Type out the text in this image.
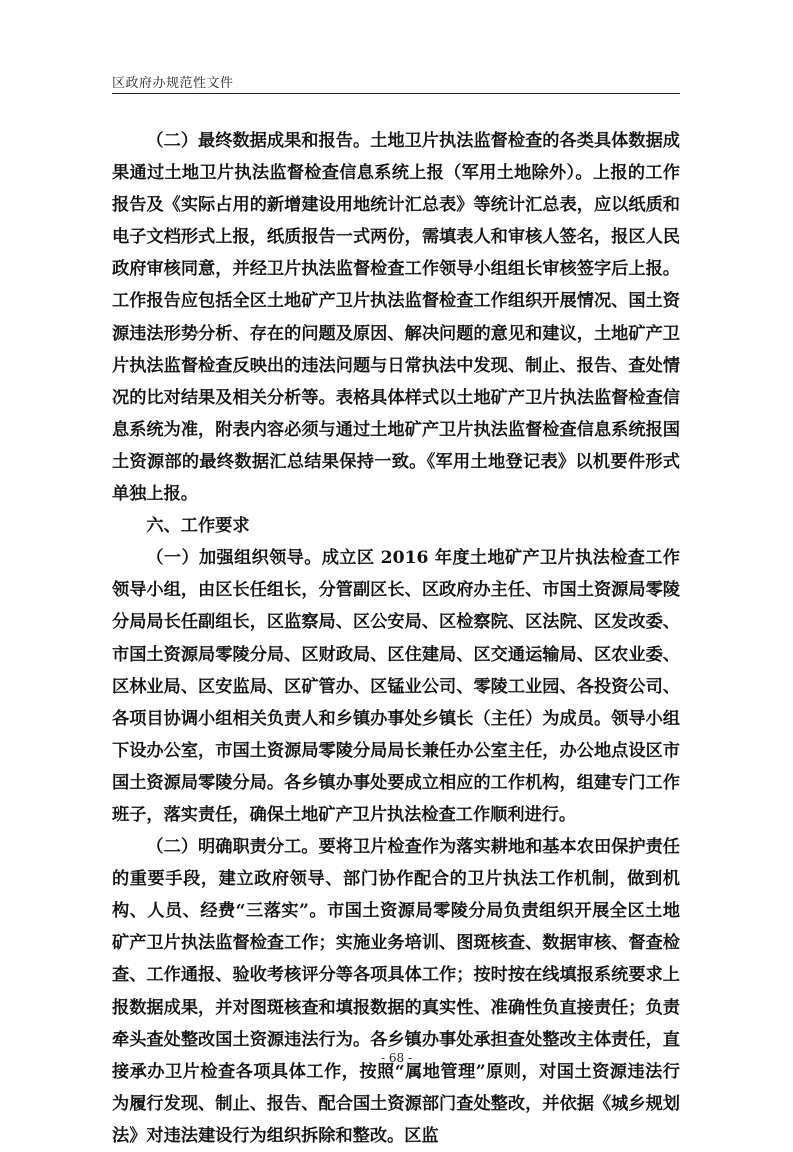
区政府办规范性文件

（二）最终数据成果和报告。土地卫片执法监督检查的各类具体数据成果通过土地卫片执法监督检查信息系统上报（军用土地除外）。上报的工作报告及《实际占用的新增建设用地统计汇总表》等统计汇总表，应以纸质和电子文档形式上报，纸质报告一式两份，需填表人和审核人签名，报区人民政府审核同意，并经卫片执法监督检查工作领导小组组长审核签字后上报。工作报告应包括全区土地矿产卫片执法监督检查工作组织开展情况、国土资源违法形势分析、存在的问题及原因、解决问题的意见和建议，土地矿产卫片执法监督检查反映出的违法问题与日常执法中发现、制止、报告、查处情况的比对结果及相关分析等。表格具体样式以土地矿产卫片执法监督检查信息系统为准，附表内容必须与通过土地矿产卫片执法监督检查信息系统报国土资源部的最终数据汇总结果保持一致。《军用土地登记表》以机要件形式单独上报。

六、工作要求

（一）加强组织领导。成立区 2016 年度土地矿产卫片执法检查工作领导小组，由区长任组长，分管副区长、区政府办主任、市国土资源局零陵分局局长任副组长，区监察局、区公安局、区检察院、区法院、区发改委、市国土资源局零陵分局、区财政局、区住建局、区交通运输局、区农业委、区林业局、区安监局、区矿管办、区锰业公司、零陵工业园、各投资公司、各项目协调小组相关负责人和乡镇办事处乡镇长（主任）为成员。领导小组下设办公室，市国土资源局零陵分局局长兼任办公室主任，办公地点设区市国土资源局零陵分局。各乡镇办事处要成立相应的工作机构，组建专门工作班子，落实责任，确保土地矿产卫片执法检查工作顺利进行。

（二）明确职责分工。要将卫片检查作为落实耕地和基本农田保护责任的重要手段，建立政府领导、部门协作配合的卫片执法工作机制，做到机构、人员、经费“三落实”。市国土资源局零陵分局负责组织开展全区土地矿产卫片执法监督检查工作；实施业务培训、图斑核查、数据审核、督查检查、工作通报、验收考核评分等各项具体工作；按时按在线填报系统要求上报数据成果，并对图斑核查和填报数据的真实性、准确性负直接责任；负责牵头查处整改国土资源违法行为。各乡镇办事处承担查处整改主体责任，直接承办卫片检查各项具体工作，按照“属地管理”原则，对国土资源违法行为履行发现、制止、报告、配合国土资源部门查处整改，并依据《城乡规划法》对违法建设行为组织拆除和整改。区监

- 68 -
